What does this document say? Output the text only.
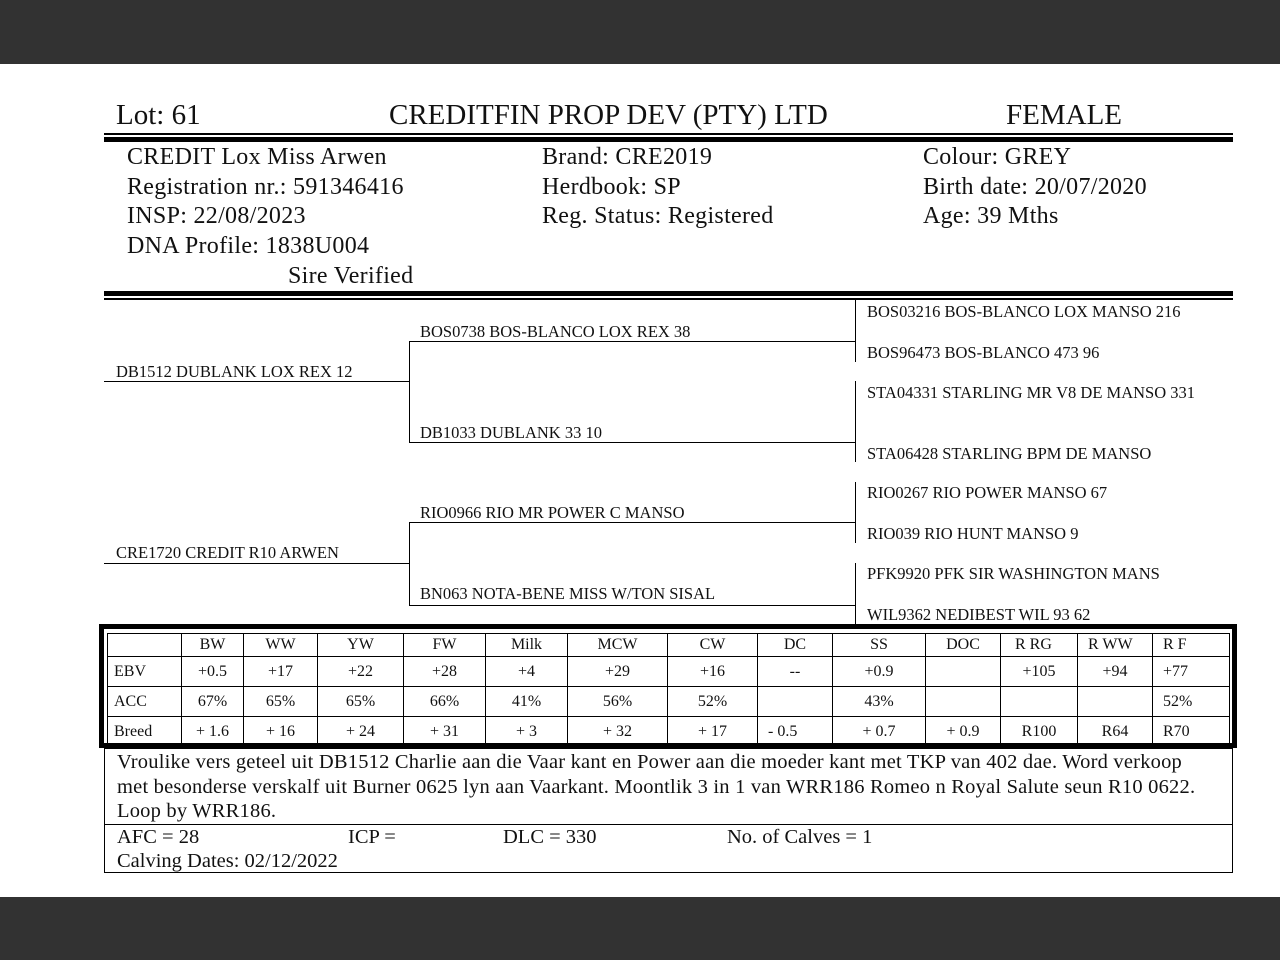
Lot: 61	CREDITFIN PROP DEV (PTY) LTD	FEMALE
CREDIT Lox Miss Arwen
Registration nr.: 591346416
INSP: 22/08/2023
DNA Profile: 1838U004
Sire Verified
Brand: CRE2019
Herdbook: SP
Reg. Status: Registered
Colour: GREY
Birth date: 20/07/2020
Age: 39 Mths
DB1512 DUBLANK LOX REX 12
CRE1720 CREDIT R10 ARWEN
BOS0738 BOS-BLANCO LOX REX 38
DB1033 DUBLANK 33 10
RIO0966 RIO MR POWER C MANSO
BN063 NOTA-BENE MISS W/TON SISAL
BOS03216 BOS-BLANCO LOX MANSO 216
BOS96473 BOS-BLANCO 473 96
STA04331 STARLING MR V8 DE MANSO 331
STA06428 STARLING BPM DE MANSO
RIO0267 RIO POWER MANSO 67
RIO039 RIO HUNT MANSO 9
PFK9920 PFK SIR WASHINGTON MANS
WIL9362 NEDIBEST WIL 93 62
	BW	WW	YW	FW	Milk	MCW	CW	DC	SS	DOC	R RG	R WW	R F
EBV	+0.5	+17	+22	+28	+4	+29	+16	--	+0.9		+105	+94	+77
ACC	67%	65%	65%	66%	41%	56%	52%		43%				52%
Breed	+ 1.6	+ 16	+ 24	+ 31	+ 3	+ 32	+ 17	- 0.5	+ 0.7	+ 0.9	R100	R64	R70
Vroulike vers geteel uit DB1512 Charlie aan die Vaar kant en Power aan die moeder kant met TKP van 402 dae. Word verkoop met besonderse verskalf uit Burner 0625 lyn aan Vaarkant. Moontlik 3 in 1 van WRR186 Romeo n Royal Salute seun R10 0622. Loop by WRR186.
AFC = 28	ICP =	DLC = 330	No. of Calves = 1
Calving Dates: 02/12/2022
